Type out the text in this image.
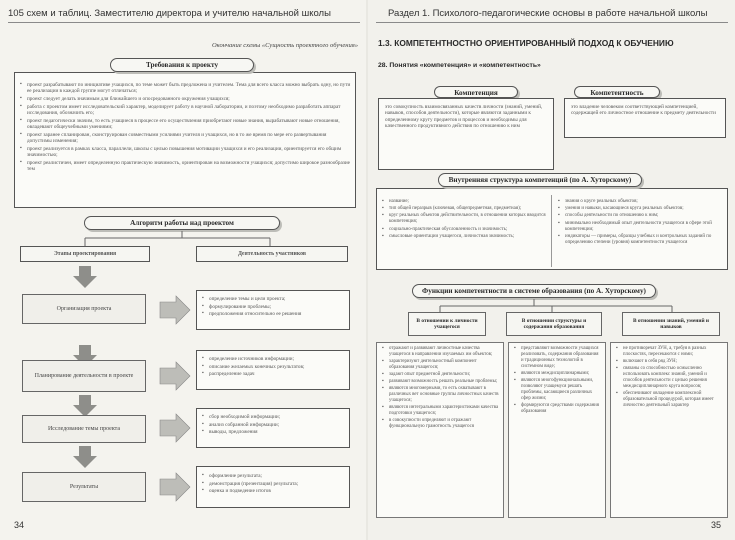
105 схем и таблиц. Заместителю директора и учителю начальной школы
Окончание схемы «Сущность проектного обучения»
▪ проект разрабатывают по инициативе учащихся, по теме может быть предложена и учителем. Тема для всего класса можно выбрать одну, но пути ее реализации в каждой группе могут отличаться;
▪ проект следует делать значимым для ближайшего и опосредованного окружения учащихся;
▪ работа с проектом имеет исследовательский характер, моделирует работу в научной лаборатории, и поэтому необходимо разработать аппарат исследования, обозначить его;
▪ проект педагогически значим, то есть учащиеся в процессе его осуществления приобретают новые знания, вырабатывают новые отношения, овладевают общеучебными умениями;
▪ проект заранее спланирован, сконструирован совместными усилиями учителя и учащихся, но в то же время по мере его развертывания допустимы изменения;
▪ проект реализуется в рамках класса, параллели, школы с целью повышения мотивации учащихся и его реализации, ориентируется его общим значимостью;
▪ проект реалистичен, имеет определенную практическую значимость, ориентирован на возможности учащихся; допустимо широкое разнообразие тем
Требования к проекту
Алгоритм работы над проектом
Этапы проектирования	Деятельность участников
Организация проекта
▪ определение темы и цели проекта;
▪ формулирование проблемы;
▪ предположения относительно ее решения
Планирование деятельности в проекте
▪ определение источников информации;
▪ описание желаемых конечных результатов;
▪ распределение задач
Исследование темы проекта
▪ сбор необходимой информации;
▪ анализ собранной информации;
▪ выводы, предложения
Результаты
▪ оформление результата;
▪ демонстрация (презентация) результата;
▪ оценка и подведение итогов
34
Раздел 1. Психолого-педагогические основы в работе начальной школы
1.3. КОМПЕТЕНТНОСТНО ОРИЕНТИРОВАННЫЙ ПОДХОД К ОБУЧЕНИЮ
28. Понятия «компетенция» и «компетентность»
Компетенция
это совокупность взаимосвязанных качеств личности (знаний, умений, навыков, способов деятельности), которые являются заданными к определенному кругу предметов и процессов и необходимы для качественного продуктивного действия по отношению к ним
Компетентность
это владение человеком соответствующей компетенцией, содержащей его личностное отношение к предмету деятельности
▪ название;
▪ тип общей перазрыв (ключевая, общепредметная, предметная);
▪ круг реальных объектов действительности, в отношении которых вводится компетенция;
▪ социально-практическая обусловленность и значимость;
▪ смысловые ориентации учащегося, личностная значимость;
▪ знания о круге реальных объектов;
▪ умения и навыки, касающиеся круга реальных объектов;
▪ способы деятельности по отношению к ним;
▪ минимально необходимый опыт деятельности учащегося в сфере этой компетенции;
▪ индикаторы — примеры, образцы учебных и контрольных заданий по определению степени (уровня) компетентности учащегося
Внутренняя структура компетенций (по А. Хуторскому)
Функции компетентности в системе образования (по А. Хуторскому)
В отношении к личности учащегося
В отношении структуры и содержания образования
В отношении знаний, умений и навыков
▪ отражают и развивают личностные качества учащегося в направлении изучаемых им объектов;
▪ характеризуют деятельностный компонент образования учащегося;
▪ задают опыт предметной деятельности;
▪ развивают возможность решать реальные проблемы;
▪ являются многомерными, то есть охватывают в различных вет основные группы личностных качеств учащегося;
▪ являются интегральными характеристиками качества подготовки учащегося;
▪ в совокупности определяют и отражают функциональную грамотность учащегося
▪ представляют возможности учащихся реализовать, содержания образования и традиционных технологий в системном виде;
▪ являются междисциплинарными;
▪ являются многофункциональными, позволяют учащемуся решать проблемы, касающиеся различных сфер жизни;
▪ формируются средствами содержания образования
▪ не противоречат ЗУН, а, требуя в разных плоскостях, пересекаются с ними;
▪ включают в себя ряд ЗУН;
▪ связаны со способностью осмысленно использовать комплекс знаний, умений и способов деятельности с целью решения междисциплинарного круга вопросов;
▪ обеспечивают овладение комплексной образовательной процедурой, которая имеет личностно деятельный характер
35
